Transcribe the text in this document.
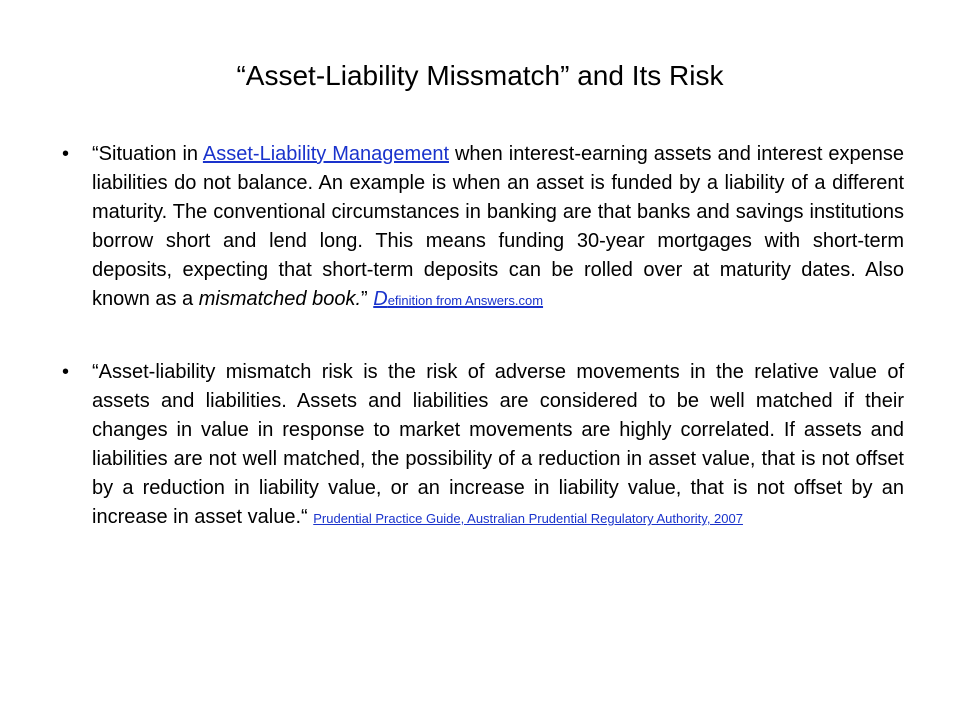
“Asset-Liability Missmatch” and Its Risk
• “Situation in Asset-Liability Management when interest-earning assets and interest expense liabilities do not balance. An example is when an asset is funded by a liability of a different maturity. The conventional circumstances in banking are that banks and savings institutions borrow short and lend long. This means funding 30-year mortgages with short-term deposits, expecting that short-term deposits can be rolled over at maturity dates. Also known as a mismatched book.” Definition from Answers.com
• “Asset-liability mismatch risk is the risk of adverse movements in the relative value of assets and liabilities. Assets and liabilities are considered to be well matched if their changes in value in response to market movements are highly correlated. If assets and liabilities are not well matched, the possibility of a reduction in asset value, that is not offset by a reduction in liability value, or an increase in liability value, that is not offset by an increase in asset value.“ Prudential Practice Guide, Australian Prudential Regulatory Authority, 2007
